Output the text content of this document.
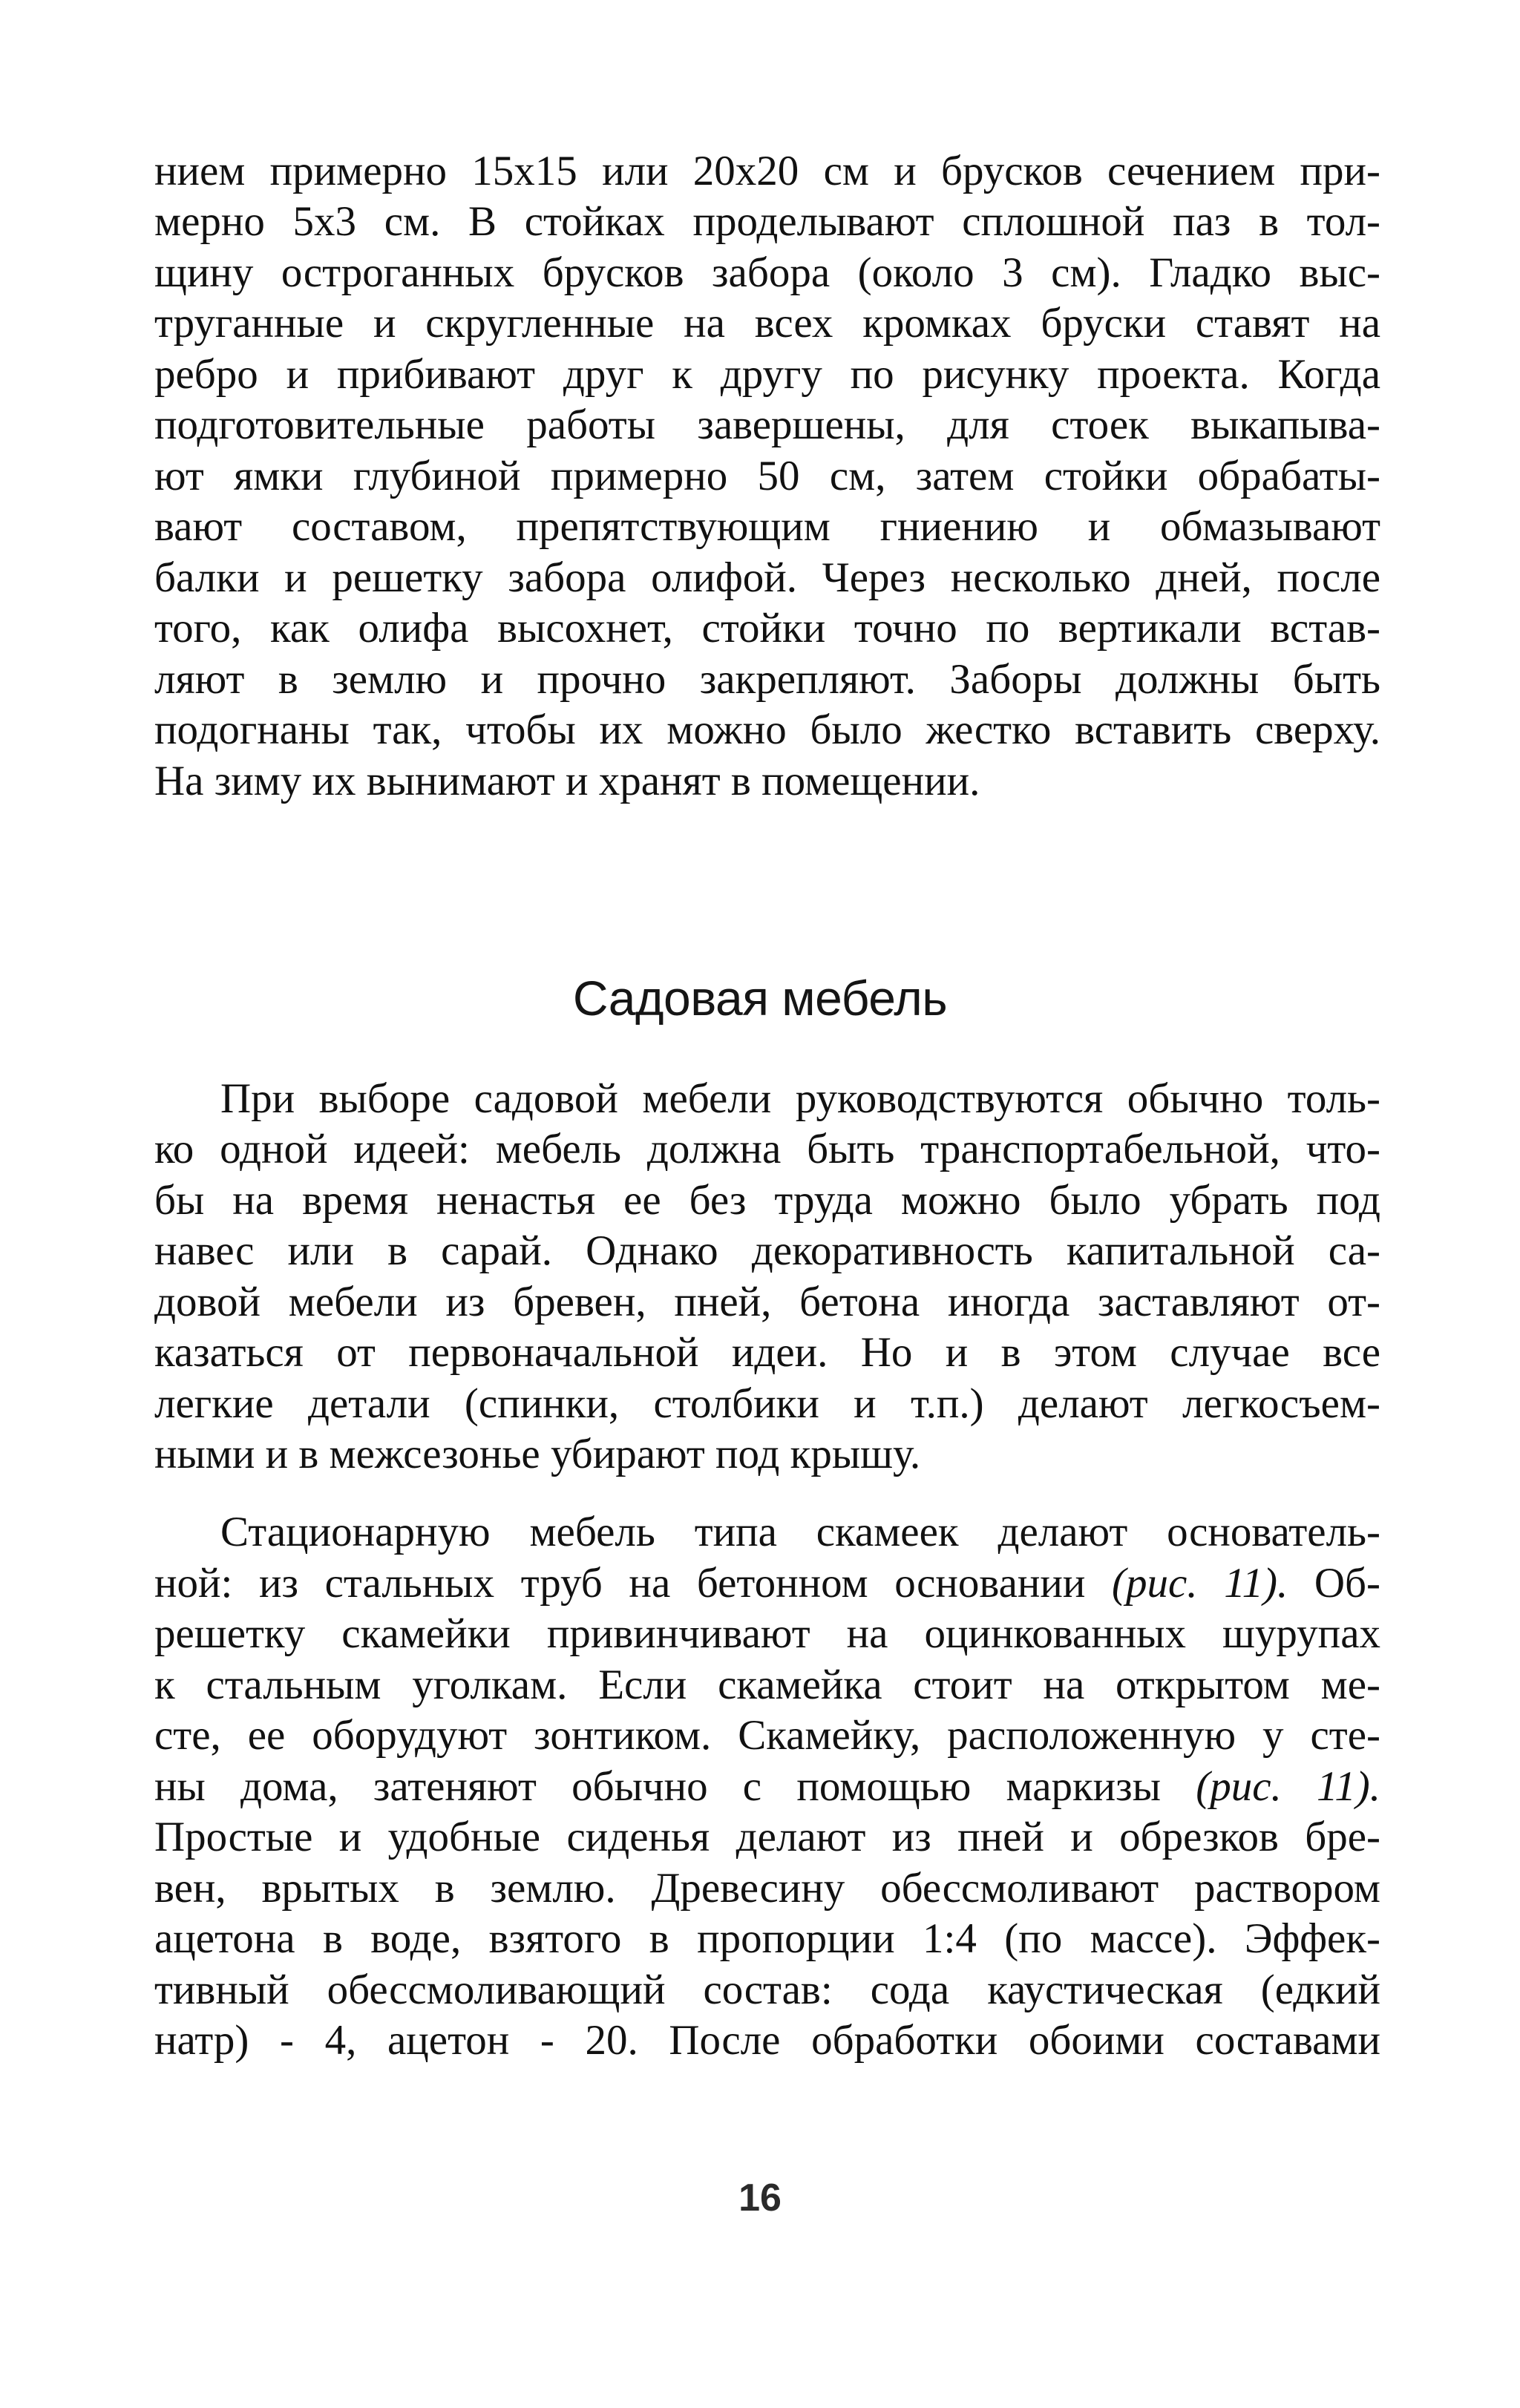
нием примерно 15х15 или 20х20 см и брусков сечением при-
мерно 5х3 см. В стойках проделывают сплошной паз в тол-
щину остроганных брусков забора (около 3 см). Гладко выс-
труганные и скругленные на всех кромках бруски ставят на
ребро и прибивают друг к другу по рисунку проекта. Когда
подготовительные работы завершены, для стоек выкапыва-
ют ямки глубиной примерно 50 см, затем стойки обрабаты-
вают составом, препятствующим гниению и обмазывают
балки и решетку забора олифой. Через несколько дней, после
того, как олифа высохнет, стойки точно по вертикали встав-
ляют в землю и прочно закрепляют. Заборы должны быть
подогнаны так, чтобы их можно было жестко вставить сверху.
На зиму их вынимают и хранят в помещении.
Садовая мебель
При выборе садовой мебели руководствуются обычно толь-
ко одной идеей: мебель должна быть транспортабельной, что-
бы на время ненастья ее без труда можно было убрать под
навес или в сарай. Однако декоративность капитальной са-
довой мебели из бревен, пней, бетона иногда заставляют от-
казаться от первоначальной идеи. Но и в этом случае все
легкие детали (спинки, столбики и т.п.) делают легкосъем-
ными и в межсезонье убирают под крышу.
Стационарную мебель типа скамеек делают основатель-
ной: из стальных труб на бетонном основании (рис. 11). Об-
решетку скамейки привинчивают на оцинкованных шурупах
к стальным уголкам. Если скамейка стоит на открытом ме-
сте, ее оборудуют зонтиком. Скамейку, расположенную у сте-
ны дома, затеняют обычно с помощью маркизы (рис. 11).
Простые и удобные сиденья делают из пней и обрезков бре-
вен, врытых в землю. Древесину обессмоливают раствором
ацетона в воде, взятого в пропорции 1:4 (по массе). Эффек-
тивный обессмоливающий состав: сода каустическая (едкий
натр) - 4, ацетон - 20. После обработки обоими составами
16
